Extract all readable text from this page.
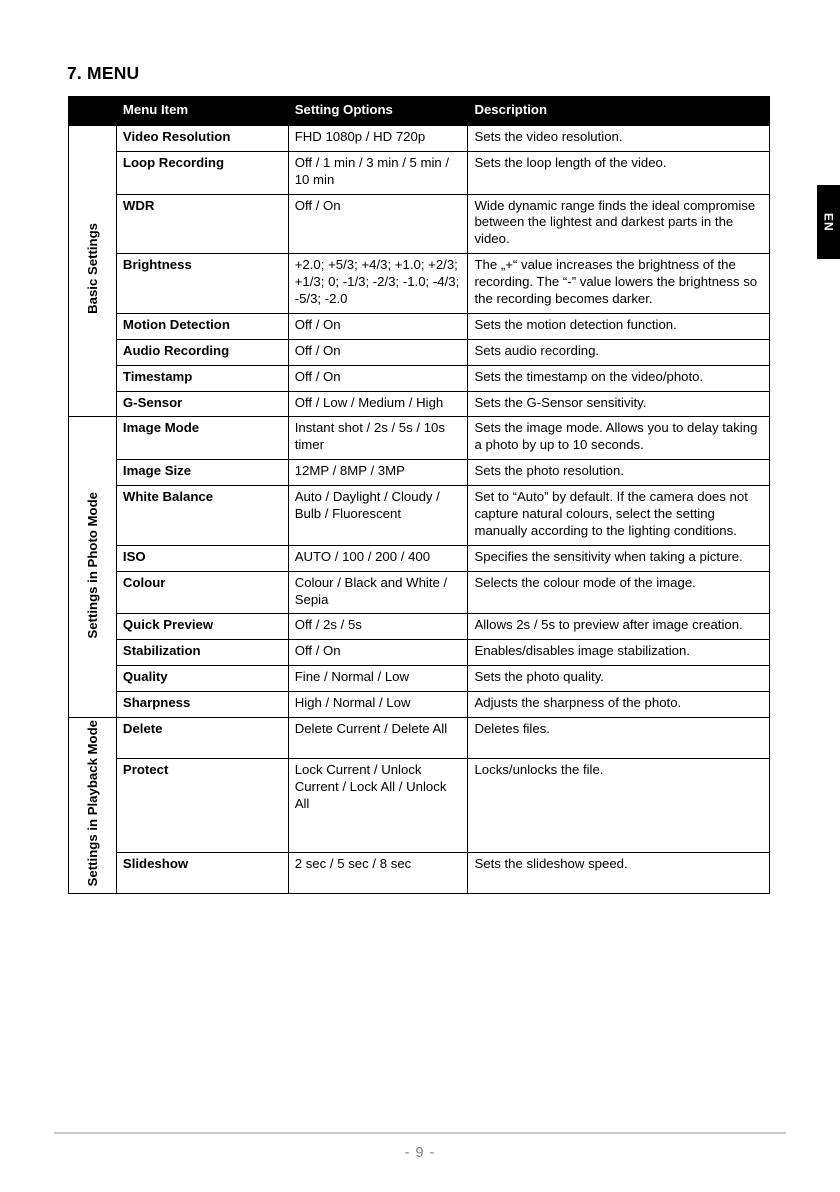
7. MENU
	Menu Item	Setting Options	Description
Basic Settings	Video Resolution	FHD 1080p / HD 720p	Sets the video resolution.
	Loop Recording	Off / 1 min / 3 min / 5 min / 10 min	Sets the loop length of the video.
	WDR	Off / On	Wide dynamic range finds the ideal compromise between the lightest and darkest parts in the video.
	Brightness	+2.0; +5/3; +4/3; +1.0; +2/3; +1/3; 0; -1/3; -2/3; -1.0; -4/3; -5/3; -2.0	The „+“ value increases the brightness of the recording. The “-” value lowers the brightness so the recording becomes darker.
	Motion Detection	Off / On	Sets the motion detection function.
	Audio Recording	Off / On	Sets audio recording.
	Timestamp	Off / On	Sets the timestamp on the video/photo.
	G-Sensor	Off / Low / Medium / High	Sets the G-Sensor sensitivity.
Settings in Photo Mode	Image Mode	Instant shot / 2s / 5s / 10s timer	Sets the image mode. Allows you to delay taking a photo by up to 10 seconds.
	Image Size	12MP / 8MP / 3MP	Sets the photo resolution.
	White Balance	Auto / Daylight / Cloudy / Bulb / Fluorescent	Set to “Auto” by default. If the camera does not capture natural colours, select the setting manually according to the lighting conditions.
	ISO	AUTO / 100 / 200 / 400	Specifies the sensitivity when taking a picture.
	Colour	Colour / Black and White / Sepia	Selects the colour mode of the image.
	Quick Preview	Off / 2s / 5s	Allows 2s / 5s to preview after image creation.
	Stabilization	Off / On	Enables/disables image stabilization.
	Quality	Fine / Normal / Low	Sets the photo quality.
	Sharpness	High / Normal / Low	Adjusts the sharpness of the photo.
Settings in Playback Mode	Delete	Delete Current / Delete All	Deletes files.
	Protect	Lock Current / Unlock Current / Lock All / Unlock All	Locks/unlocks the file.
	Slideshow	2 sec / 5 sec / 8 sec	Sets the slideshow speed.
EN
- 9 -
